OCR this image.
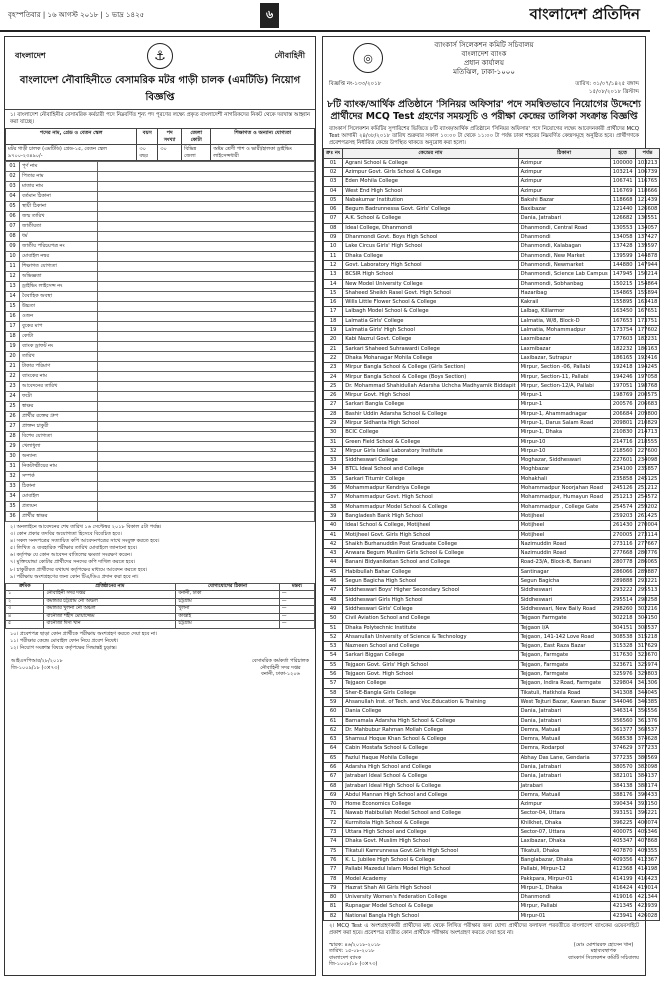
বৃহস্পতিবার | ১৬ আগস্ট ২০১৮ | ১ ভাদ্র ১৪২৫	৬	বাংলাদেশ প্রতিদিন
বাংলাদেশ	⚓	নৌবাহিনী
বাংলাদেশ নৌবাহিনীতে বেসামরিক মটর গাড়ী চালক (এমটিডি) নিয়োগ বিজ্ঞপ্তি
১। বাংলাদেশ নৌবাহিনীর বেসামরিক কর্মচারী পদে নিম্নবর্ণিত শূন্য পদ পূরণের লক্ষ্যে প্রকৃত বাংলাদেশী নাগরিকদের নিকট থেকে দরখাস্ত আহ্বান করা যাচ্ছে।
পদের নাম, গ্রেড ও বেতন স্কেল	বয়স	পদ সংখ্যা	জেলা কোটা	শিক্ষাগত ও অন্যান্য যোগ্যতা
মটর গাড়ী চালক (এমটিডি) গ্রেড-১৫, বেতন স্কেল ৯৭০০-২৩৪৯০/-	৩০ বছর	৩০	বিভিন্ন জেলা	অষ্টম শ্রেণী পাশ ও ভারী/হালকা ড্রাইভিং লাইসেন্সধারী
01	পূর্ণ নাম	
02	পিতার নাম	
03	মাতার নাম	
04	বর্তমান ঠিকানা	
05	স্থায়ী ঠিকানা	
06	জন্ম তারিখ	
07	জাতীয়তা	
08	ধর্ম	
09	জাতীয় পরিচয়পত্র নং	
10	মোবাইল নম্বর	
11	শিক্ষাগত যোগ্যতা	
12	অভিজ্ঞতা	
13	ড্রাইভিং লাইসেন্স নং	
14	বৈবাহিক অবস্থা	
15	উচ্চতা	
16	ওজন	
17	বুকের মাপ	
18	কোটা	
19	ব্যাংক ড্রাফট নং	
20	তারিখ	
21	টাকার পরিমাণ	
22	ব্যাংকের নাম	
23	আবেদনের তারিখ	
24	ফটো	
25	স্বাক্ষর	
26	প্রার্থীর রক্তের গ্রুপ	
27	প্রাক্তন চাকুরী	
28	বিশেষ যোগ্যতা	
29	খেলাধুলা	
30	অন্যান্য	
31	নিকটাত্মীয়ের নাম	
32	সম্পর্ক	
33	ঠিকানা	
34	মোবাইল	
35	প্রত্যয়ন	
36	প্রার্থীর স্বাক্ষর	
২। অনলাইনে আবেদনের শেষ তারিখ ১৬ সেপ্টেম্বর ২০১৮ বিকাল ৫টা পর্যন্ত।
৩। কোন প্রকার তদবির অযোগ্যতা হিসেবে বিবেচিত হবে।
৪। সকল সনদপত্রের সত্যায়িত কপি আবেদনপত্রের সাথে সংযুক্ত করতে হবে।
৫। লিখিত ও ব্যবহারিক পরীক্ষার তারিখ মোবাইলে জানানো হবে।
৬। কর্তৃপক্ষ যে কোন আবেদন বাতিলের ক্ষমতা সংরক্ষণ করেন।
৭। মুক্তিযোদ্ধা কোটার প্রার্থীদের সনদের কপি দাখিল করতে হবে।
৮। চাকুরীরত প্রার্থীদের যথাযথ কর্তৃপক্ষের মাধ্যমে আবেদন করতে হবে।
৯। পরীক্ষায় অংশগ্রহণের জন্য কোন টিএ/ডিএ প্রদান করা হবে না।
ক্রমিক	প্রতিষ্ঠানের নাম	যোগাযোগের ঠিকানা	মন্তব্য
১	নৌবাহিনী সদর দপ্তর	বনানী, ঢাকা	—
২	কমান্ডার চট্টগ্রাম নৌ অঞ্চল	চট্টগ্রাম	—
৩	কমান্ডার খুলনা নৌ অঞ্চল	খুলনা	—
৪	বানৌজা শহীদ মোয়াজ্জেম	কাপ্তাই	—
৫	বানৌজা ঈসা খান	চট্টগ্রাম	—
১০। প্রবেশপত্র ছাড়া কোন প্রার্থীকে পরীক্ষায় অংশগ্রহণ করতে দেয়া হবে না।
১১। পরীক্ষার কেন্দ্রে মোবাইল ফোন নিয়ে প্রবেশ নিষেধ।
১২। নিয়োগ সংক্রান্ত বিষয়ে কর্তৃপক্ষের সিদ্ধান্তই চূড়ান্ত।
আইএসপিআর/২৮/২০১৮
জি-১০০৯/১৮ (৩×৭৩)
বেসামরিক কর্মকর্তা পরিচালক
নৌবাহিনী সদর দপ্তর
বনানী, ঢাকা-১২০৬
◎
ব্যাংকার্স সিলেকশন কমিটি সচিবালয়
বাংলাদেশ ব্যাংক
প্রধান কার্যালয়
মতিঝিল, ঢাকা-১০০০
বিজ্ঞপ্তি নং-১৩৩/২০১৮	তারিখ: ৩১/০৭/১৪২৫ বঙ্গাব্দ
১৫/০৮/২০১৮ খ্রিস্টাব্দ
৮টি ব্যাংক/আর্থিক প্রতিষ্ঠানে 'সিনিয়র অফিসার' পদে সমন্বিতভাবে নিয়োগের উদ্দেশ্যে প্রার্থীদের MCQ Test গ্রহণের সময়সূচি ও পরীক্ষা কেন্দ্রের তালিকা সংক্রান্ত বিজ্ঞপ্তি
ব্যাংকার্স সিলেকশন কমিটির সুপারিশের ভিত্তিতে ৮টি ব্যাংক/আর্থিক প্রতিষ্ঠানে 'সিনিয়র অফিসার' পদে নিয়োগের লক্ষ্যে আবেদনকারী প্রার্থীদের MCQ Test আগামী ২৪/০৮/২০১৮ তারিখ শুক্রবার সকাল ১০:০০ টা থেকে ১১:০০ টা পর্যন্ত ঢাকা শহরের নিম্নবর্ণিত কেন্দ্রসমূহে অনুষ্ঠিত হবে। প্রার্থীগণকে প্রবেশপত্রসহ নির্ধারিত কেন্দ্রে উপস্থিত থাকতে অনুরোধ করা হলো।
ক্রঃ নং	কেন্দ্রের নাম	ঠিকানা	হতে	পর্যন্ত
01	Agrani School & College	Azimpur	100000	103213
02	Azimpur Govt. Girls School & College	Azimpur	103214	106739
03	Eden Mohila College	Azimpur	106741	116765
04	West End High School	Azimpur	116769	118666
05	Nabakumar Institution	Bakshi Bazar	118668	121439
06	Begum Badrunnessa Govt. Girls' College	Baxibazar	121440	126608
07	A.K. School & College	Dania, Jatrabari	126682	130551
08	Ideal College, Dhanmondi	Dhanmondi, Central Road	130553	134057
09	Dhanmondi Govt. Boys High School	Dhanmondi	134058	137427
10	Lake Circus Girls' High School	Dhanmondi, Kalabagan	137428	139597
11	Dhaka College	Dhanmondi, New Market	139599	144878
12	Govt. Laboratory High School	Dhanmondi, Newmarket	144880	147944
13	BCSIR High School	Dhanmondi, Science Lab Campus	147945	150214
14	New Model University College	Dhanmondi, Sobhanbag	150215	154864
15	Shaheed Sheikh Rasel Govt. High School	Hazaribag	154865	155894
16	Wills Little Flower School & College	Kakrail	155895	163418
17	Lalbagh Model School & College	Lalbag, Killarmor	163450	167651
18	Lalmatia Girls' College	Lalmatia, W/8, Block-D	167653	173751
19	Lalmatia Girls' High School	Lalmatia, Mohammadpur	173754	177602
20	Kabi Nazrul Govt. College	Laxmibazar	177603	182231
21	Sarkari Shaheed Suhrawardi College	Laxmibazar	182232	186163
22	Dhaka Mohanagar Mohila College	Laxibazar, Sutrapur	186165	192416
23	Mirpur Bangla School & College (Girls Section)	Mirpur, Section -06, Pallabi	192418	194245
24	Mirpur Bangla School & College (Boys Section)	Mirpur, Section-11, Pallabi	194246	197058
25	Dr. Mohammad Shahidullah Adarsha Uchcha Madhyamik Biddapit	Mirpur, Section-12/A, Pallabi	197051	198768
26	Mirpur Govt. High School	Mirpur-1	198769	200575
27	Sarkari Bangla College	Mirpur-1	200576	206683
28	Bashir Uddin Adarsha School & College	Mirpur-1, Ahammadnagar	206684	209800
29	Mirpur Sidhanta High School	Mirpur-1, Darus Salam Road	209801	210829
30	BCIC College	Mirpur-1, Dhaka	210830	214713
31	Green Field School & College	Mirpur-10	214716	218555
32	Mirpur Girls Ideal Laboratory Institute	Mirpur-10	218560	227600
33	Siddheswari College	Moghazar, Siddheswari	227601	234098
34	BTCL Ideal School and College	Moghbazar	234100	235857
35	Sarkari Titumir College	Mohakhali	235858	245125
36	Mohammadpur Kendriya College	Mohammadpur Noorjahan Road	245126	251212
37	Mohammadpur Govt. High School	Mohammadpur, Humayun Road	251213	254572
38	Mohammadpur Model School & College	Mohammadpur , College Gate	254574	259202
39	Bangladesh Bank High School	Motijheel	259203	261425
40	Ideal School & College, Motijheel	Motijheel	261430	270004
41	Motijheel Govt. Girls High School	Motijheel	270005	273114
42	Shaikh Burhanuddin Post Graduate College	Nazimuddin Road	273116	277667
43	Anwara Begum Muslim Girls School & College	Nazimuddin Road	277668	280776
44	Banani Bidyaniketan School and College	Road-23/A, Block-B, Banani	280778	286065
45	Habibullah Bahar College	Santinagar	286066	289887
46	Segun Bagicha High School	Segun Bagicha	289888	293221
47	Siddheswari Boys' Higher Secondary School	Siddheswari	293222	295513
48	Siddheswari Girls High School	Siddheswari	295514	298258
49	Siddheswari Girls' College	Siddheswari, New Baily Road	298260	302216
50	Civil Aviation School and College	Tejgaon Farmgate	302218	304150
51	Dhaka Polytechnic Institute	Tejgaon I/A	304151	308537
52	Ahsanullah University of Science & Technology	Tejgaon, 141-142 Love Road	308538	315218
53	Nazneen School and College	Tejgaon, East Raza Bazar	315328	317629
54	Sarkari Biggan College	Tejgaon, Farmgate	317630	323670
55	Tejgaon Govt. Girls' High School	Tejgaon, Farmgate	323671	325974
56	Tejgaon Govt. High School	Tejgaon, Farmgate	325976	329803
57	Tejgaon College	Tejgaon, Indira Road, Farmgate	329804	341306
58	Sher-E-Bangla Girls College	Tikatuli, Hatkhola Road	341308	344045
59	Ahsanullah Inst. of Tech. and Voc.Education & Training	West Tejturi Bazar, Kawran Bazar	344046	346385
60	Dania College	Dania, Jatrabari	346314	356556
61	Barnamala Adarsha High School & College	Dania, Jatrabari	356560	361376
62	Dr. Mahbubur Rahman Mollah College	Demra, Matuail	361377	368537
63	Shamsul Hoque Khan School & College	Demra, Matuail	368538	374628
64	Cabin Mostafa School & College	Demra, Rodarpol	374629	377233
65	Fazlul Haque Mohila College	Abhay Das Lane, Gendaria	377235	380569
66	Adarsha High School and College	Dania, Jatrabari	380570	382098
67	Jatrabari Ideal School & College	Dania, Jatrabari	382101	384137
68	Jatrabari Ideal High School & College	Jatrabari	384138	388174
69	Abdul Mannan High School and College	Demra, Matuail	388176	390433
70	Home Economics College	Azimpur	390434	393150
71	Nawab Habibullah Model School and College	Sector-04, Uttara	393151	396221
72	Kurmitola High School & College	Khilkhet, Dhaka	396225	400074
73	Uttara High School and College	Sector-07, Uttara	400075	405346
74	Dhaka Govt. Muslim High School	Laxibazar, Dhaka	405347	407868
75	Tikatuli Kamrunnesa Govt.Girls High School	Tikatuli, Dhaka	407870	409355
76	K. L. Jubilee High School & College	Banglabazar, Dhaka	409356	412367
77	Pallabi Mazedul Islam Model High School	Pallabi, Mirpur-12	412368	414198
78	Model Academy	Pakkpara, Mirpur-01	414199	416423
79	Hazrat Shah Ali Girls High School	Mirpur-1, Dhaka	416424	419014
80	University Women's Federation College	Dhanmondi	419016	421344
81	Rupnagar Model School & College	Mirpur, Pallabi	421345	423939
82	National Bangla High School	Mirpur-01	423941	426028
২। MCQ Test এ অংশগ্রহণকারী প্রার্থীদের মধ্য থেকে লিখিত পরীক্ষার জন্য যোগ্য প্রার্থীদের ফলাফল পরবর্তীতে বাংলাদেশ ব্যাংকের ওয়েবসাইটে প্রকাশ করা হবে। প্রবেশপত্র ব্যতীত কোন প্রার্থীকে পরীক্ষায় অংশগ্রহণ করতে দেয়া হবে না।
স্মারক: ৪৬/২০১৮-২০১৮
তারিখ: ১৫-০৮-২০১৮
বাংলাদেশ ব্যাংক
জি-১০০৮/১৮ (৩×৭৩)
(মোঃ মোশাররফ হোসেন খান)
মহাব্যবস্থাপক
ব্যাংকার্স সিলেকশন কমিটি সচিবালয়
